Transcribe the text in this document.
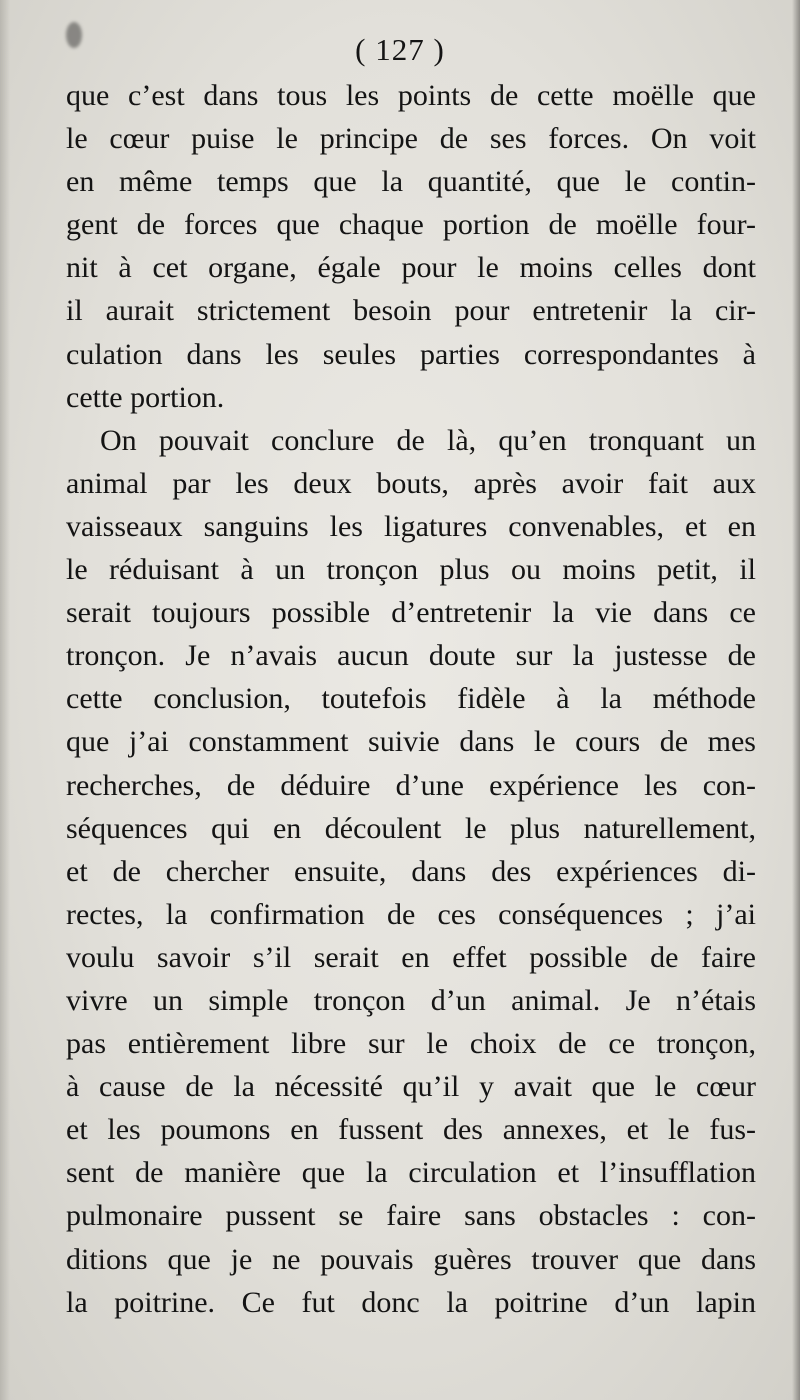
( 127 )
que c’est dans tous les points de cette moëlle que
le cœur puise le principe de ses forces. On voit
en même temps que la quantité, que le contin-
gent de forces que chaque portion de moëlle four-
nit à cet organe, égale pour le moins celles dont
il aurait strictement besoin pour entretenir la cir-
culation dans les seules parties correspondantes à
cette portion.
On pouvait conclure de là, qu’en tronquant un
animal par les deux bouts, après avoir fait aux
vaisseaux sanguins les ligatures convenables, et en
le réduisant à un tronçon plus ou moins petit, il
serait toujours possible d’entretenir la vie dans ce
tronçon. Je n’avais aucun doute sur la justesse de
cette conclusion, toutefois fidèle à la méthode
que j’ai constamment suivie dans le cours de mes
recherches, de déduire d’une expérience les con-
séquences qui en découlent le plus naturellement,
et de chercher ensuite, dans des expériences di-
rectes, la confirmation de ces conséquences ; j’ai
voulu savoir s’il serait en effet possible de faire
vivre un simple tronçon d’un animal. Je n’étais
pas entièrement libre sur le choix de ce tronçon,
à cause de la nécessité qu’il y avait que le cœur
et les poumons en fussent des annexes, et le fus-
sent de manière que la circulation et l’insufflation
pulmonaire pussent se faire sans obstacles : con-
ditions que je ne pouvais guères trouver que dans
la poitrine. Ce fut donc la poitrine d’un lapin
